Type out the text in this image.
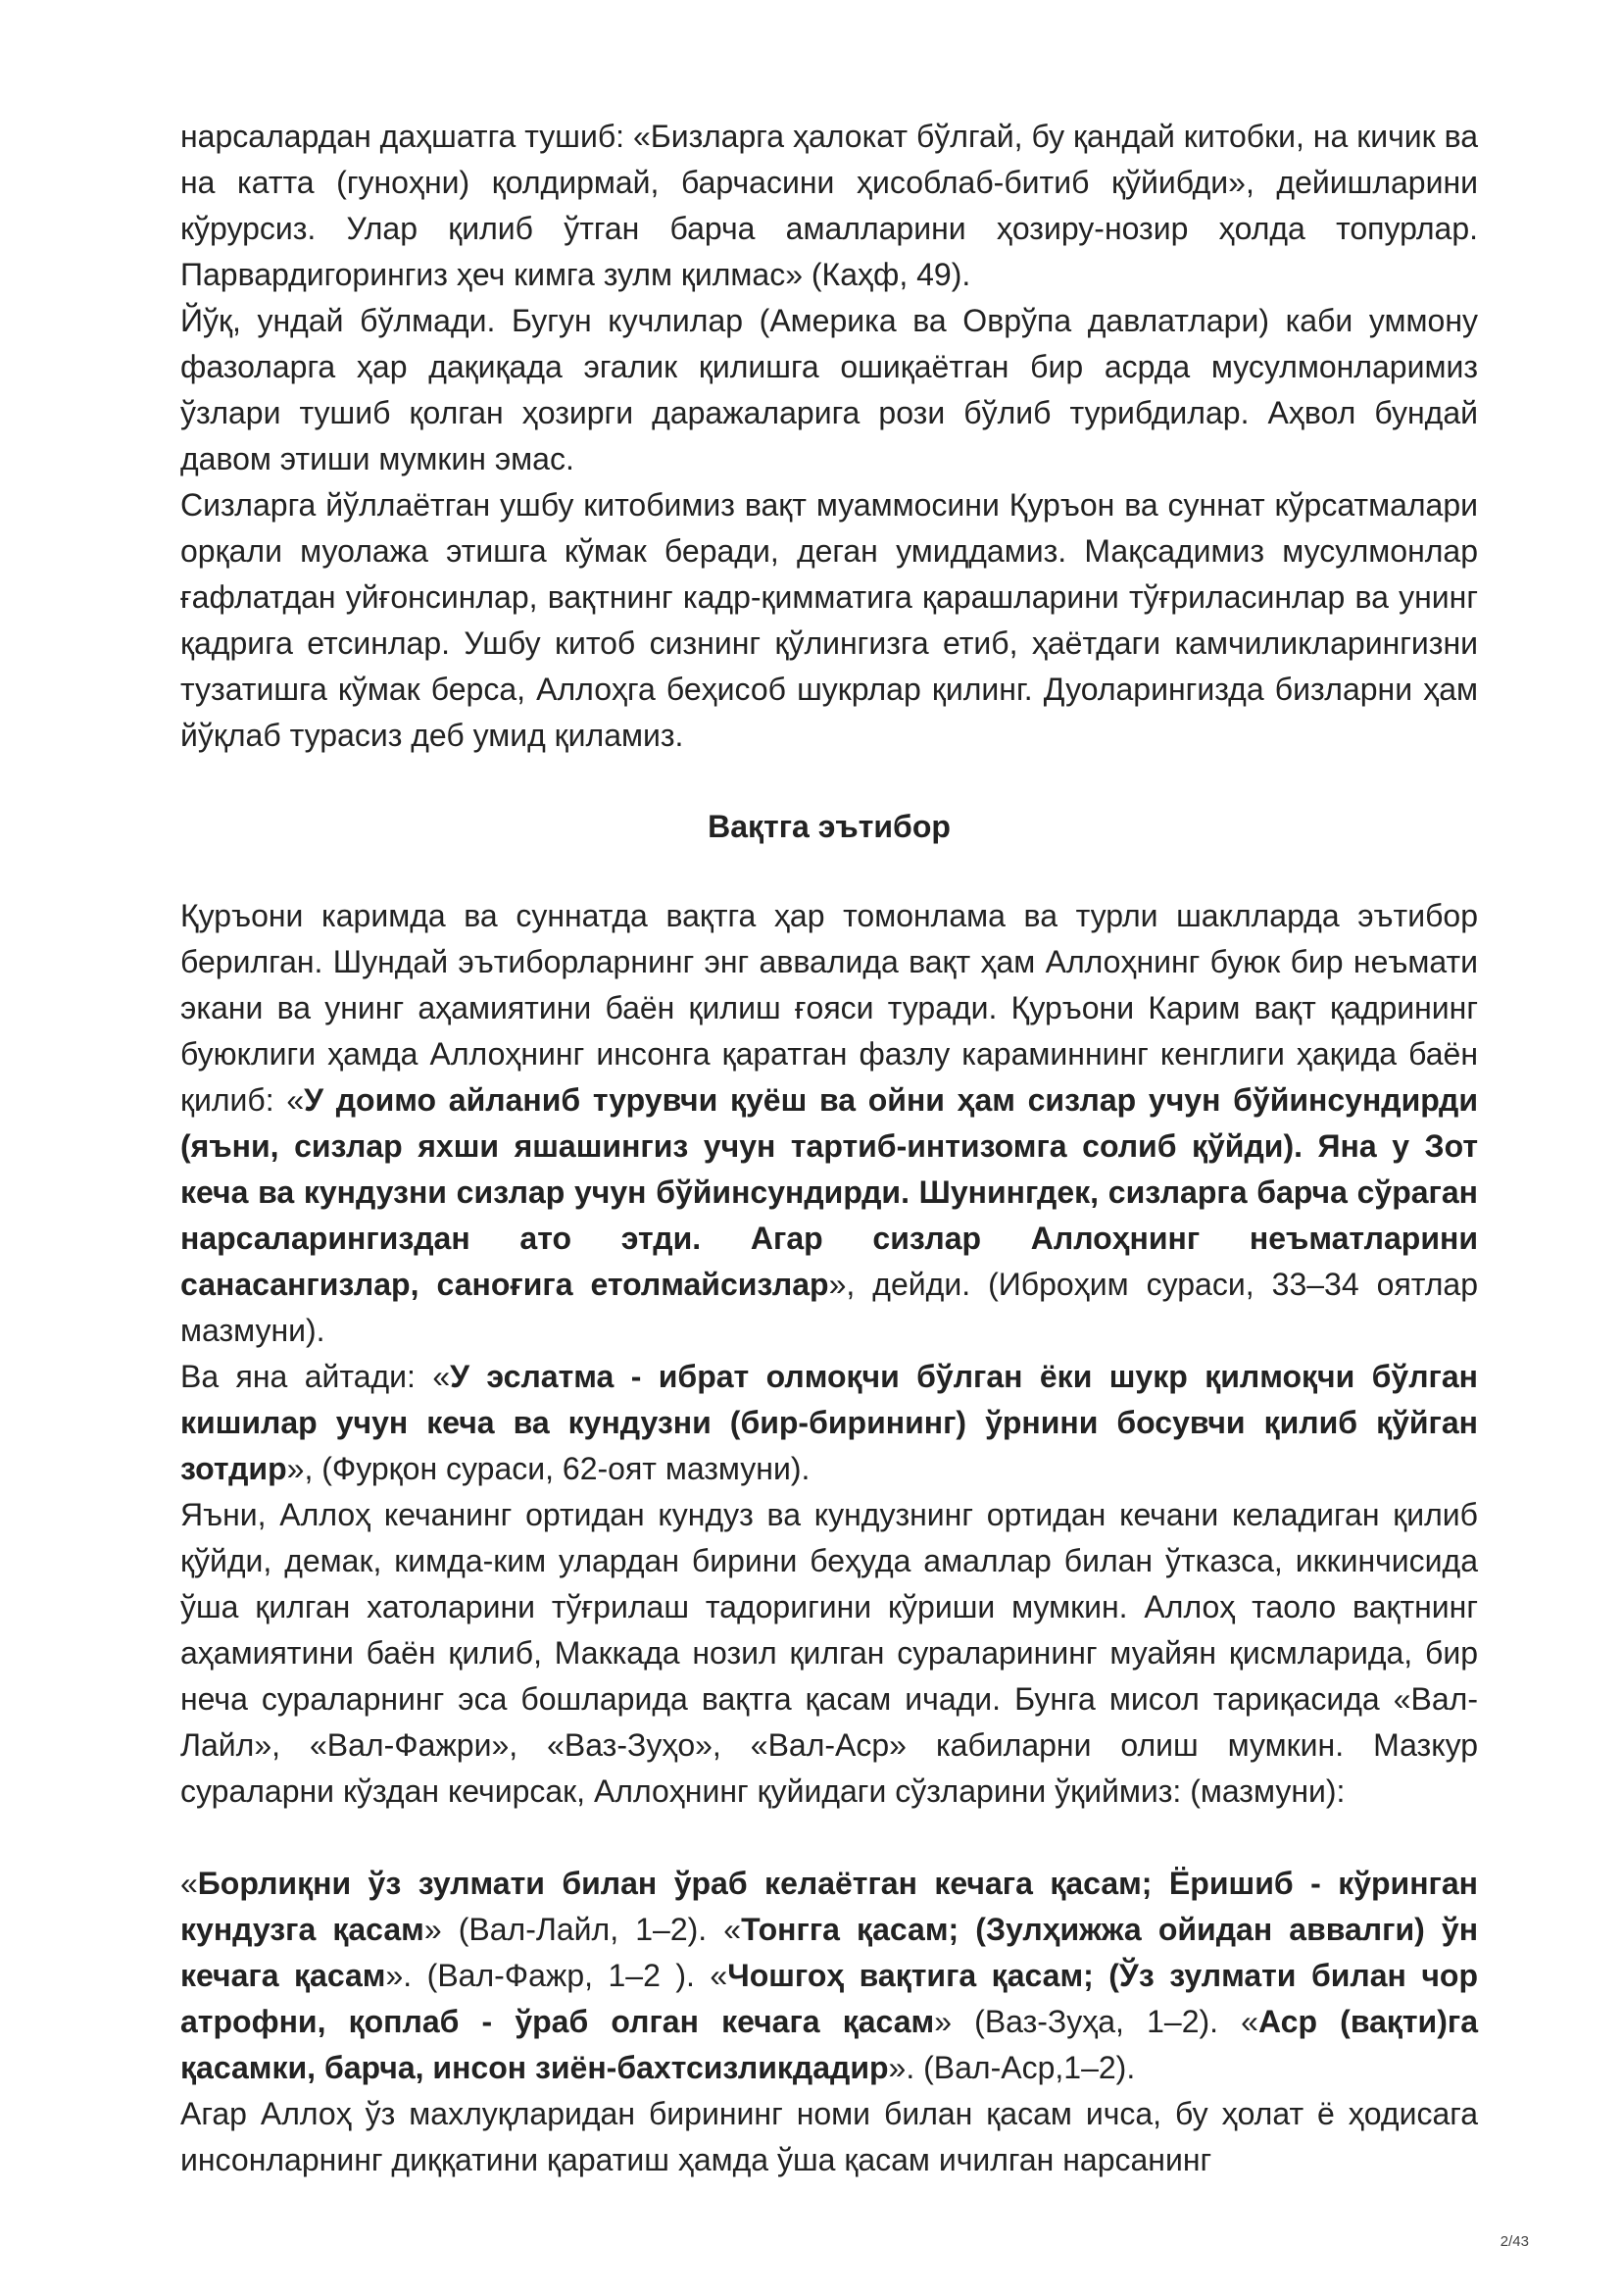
нарсалардан даҳшатга тушиб: «Бизларга ҳалокат бўлгай, бу қандай китобки, на кичик ва на катта (гуноҳни) қолдирмай, барчасини ҳисоблаб-битиб қўйибди», дейишларини кўрурсиз. Улар қилиб ўтган барча амалларини ҳозиру-нозир ҳолда топурлар. Парвардигорингиз ҳеч кимга зулм қилмас» (Каҳф, 49).

Йўқ, ундай бўлмади. Бугун кучлилар (Америка ва Оврўпа давлатлари) каби уммону фазоларга ҳар дақиқада эгалик қилишга ошиқаётган бир асрда мусулмонларимиз ўзлари тушиб қолган ҳозирги даражаларига рози бўлиб турибдилар. Аҳвол бундай давом этиши мумкин эмас.

Сизларга йўллаётган ушбу китобимиз вақт муаммосини Қуръон ва суннат кўрсатмалари орқали муолажа этишга кўмак беради, деган умиддамиз. Мақсадимиз мусулмонлар ғафлатдан уйғонсинлар, вақтнинг кадр-қимматига қарашларини тўғриласинлар ва унинг қадрига етсинлар. Ушбу китоб сизнинг қўлингизга етиб, ҳаётдаги камчиликларингизни тузатишга кўмак берса, Аллоҳга беҳисоб шукрлар қилинг. Дуоларингизда бизларни ҳам йўқлаб турасиз деб умид қиламиз.

Вақтга эътибор

Қуръони каримда ва суннатда вақтга ҳар томонлама ва турли шаклларда эътибор берилган. Шундай эътиборларнинг энг аввалида вақт ҳам Аллоҳнинг буюк бир неъмати экани ва унинг аҳамиятини баён қилиш ғояси туради. Қуръони Карим вақт қадрининг буюклиги ҳамда Аллоҳнинг инсонга қаратган фазлу караминнинг кенглиги ҳақида баён қилиб: «У доимо айланиб турувчи қуёш ва ойни ҳам сизлар учун бўйинсундирди (яъни, сизлар яхши яшашингиз учун тартиб-интизомга солиб қўйди). Яна у Зот кеча ва кундузни сизлар учун бўйинсундирди. Шунингдек, сизларга барча сўраган нарсаларингиздан ато этди. Агар сизлар Аллоҳнинг неъматларини санасангизлар, саноғига етолмайсизлар», дейди. (Иброҳим сураси, 33–34 оятлар мазмуни).

Ва яна айтади: «У эслатма - ибрат олмоқчи бўлган ёки шукр қилмоқчи бўлган кишилар учун кеча ва кундузни (бир-бирининг) ўрнини босувчи қилиб қўйган зотдир», (Фурқон сураси, 62-оят мазмуни).

Яъни, Аллоҳ кечанинг ортидан кундуз ва кундузнинг ортидан кечани келадиган қилиб қўйди, демак, кимда-ким улардан бирини беҳуда амаллар билан ўтказса, иккинчисида ўша қилган хатоларини тўғрилаш тадоригини кўриши мумкин. Аллоҳ таоло вақтнинг аҳамиятини баён қилиб, Маккада нозил қилган сураларининг муайян қисмларида, бир неча сураларнинг эса бошларида вақтга қасам ичади. Бунга мисол тариқасида «Вал-Лайл», «Вал-Фажри», «Ваз-Зуҳо», «Вал-Аср» кабиларни олиш мумкин. Мазкур сураларни кўздан кечирсак, Аллоҳнинг қуйидаги сўзларини ўқиймиз: (мазмуни):

«Борлиқни ўз зулмати билан ўраб келаётган кечага қасам; Ёришиб - кўринган кундузга қасам» (Вал-Лайл, 1–2). «Тонгга қасам; (Зулҳижжа ойидан аввалги) ўн кечага қасам». (Вал-Фажр, 1–2 ). «Чошгоҳ вақтига қасам; (Ўз зулмати билан чор атрофни, қоплаб - ўраб олган кечага қасам» (Ваз-Зуҳа, 1–2). «Аср (вақти)га қасамки, барча, инсон зиён-бахтсизликдадир». (Вал-Аср,1–2).

Агар Аллоҳ ўз махлуқларидан бирининг номи билан қасам ичса, бу ҳолат ё ҳодисага инсонларнинг диққатини қаратиш ҳамда ўша қасам ичилган нарсанинг

2/43
